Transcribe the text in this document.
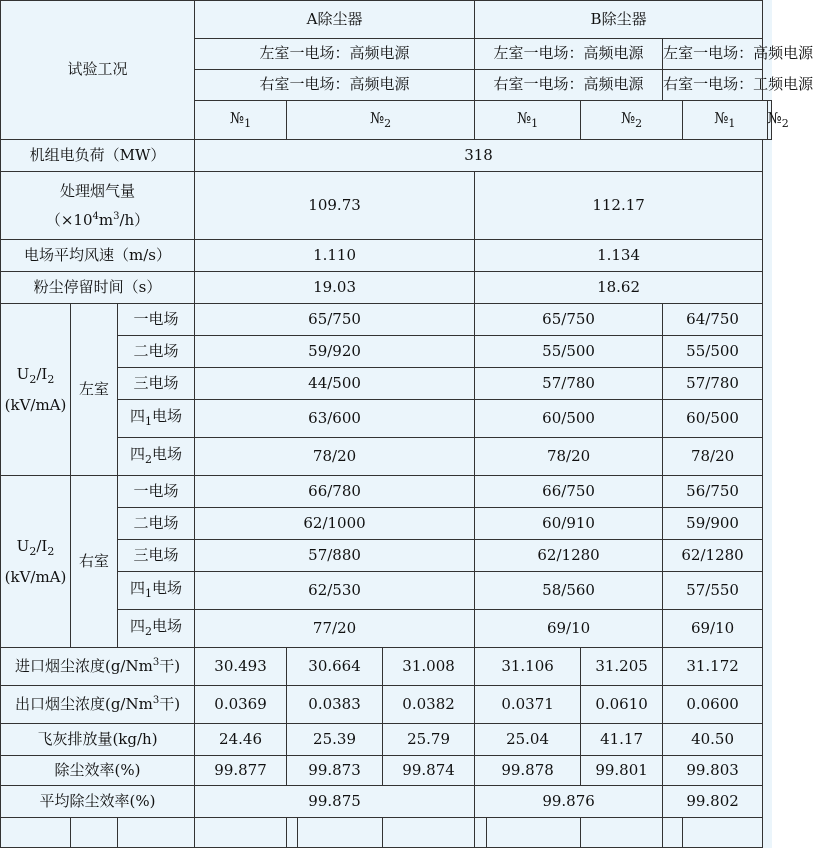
试验工况			A除尘器				B除尘器					
			左室一电场：高频电源				左室一电场：高频电源			左室一电场：高频电源		
			右室一电场：高频电源				右室一电场：高频电源			右室一电场：工频电源		
			$№_1$	$№_2$			$№_1$		$№_2$		$№_1$	$№_2$
机组电负荷（MW）			318									

处理烟气量
$(\times 10^4m^3/h)$			109.73				112.17					
电场平均风速（m/s）			1.110				1.134					
粉尘停留时间（s）			19.03				18.62					

$U_2/I_2$
(kV/mA)	左室	一电场	65/750				65/750			64/750		
		二电场	59/920				55/500			55/500		
		三电场	44/500				57/780			57/780		
		四$_1$电场	63/600				60/500			60/500		
		四$_2$电场	78/20				78/20			78/20		

$U_2/I_2$
(kV/mA)	右室	一电场	66/780				66/750			56/750		
		二电场	62/1000				60/910			59/900		
		三电场	57/880				62/1280			62/1280		
		四$_1$电场	62/530				58/560			57/550		
		四$_2$电场	77/20				69/10			69/10		
进口烟尘浓度(g/Nm$^3$干)			30.493	30.664		31.008	31.106		31.205	31.172		
出口烟尘浓度(g/Nm$^3$干)			0.0369	0.0383		0.0382	0.0371		0.0610	0.0600		
飞灰排放量(kg/h)			24.46	25.39		25.79	25.04		41.17	40.50		
除尘效率(%)			99.877	99.873		99.874	99.878		99.801	99.803		
平均除尘效率(%)			99.875				99.876			99.802		
